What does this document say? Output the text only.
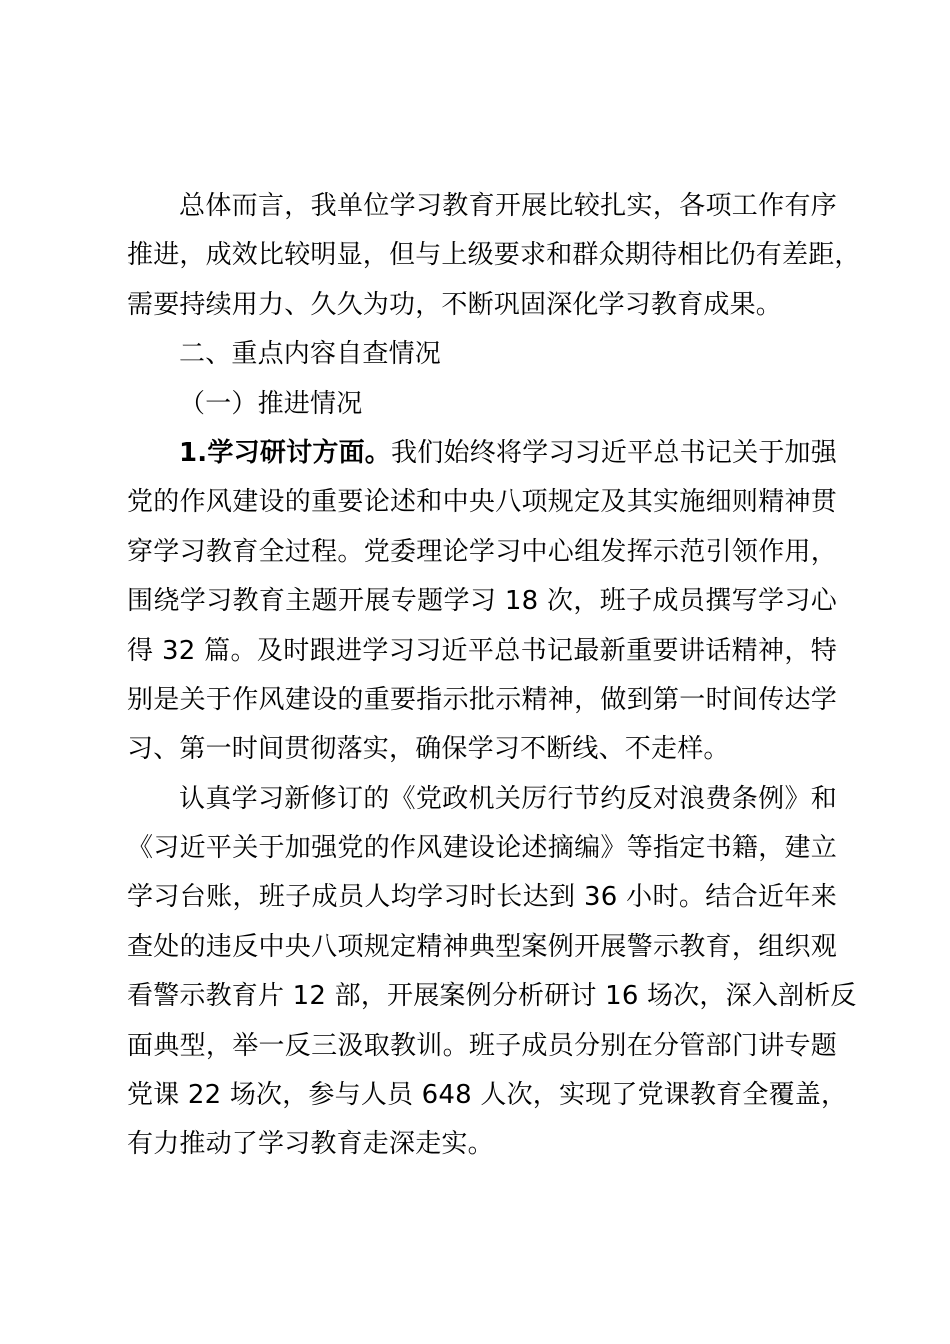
总体而言，我单位学习教育开展比较扎实，各项工作有序
推进，成效比较明显，但与上级要求和群众期待相比仍有差距，
需要持续用力、久久为功，不断巩固深化学习教育成果。
二、重点内容自查情况
（一）推进情况
1.学习研讨方面。我们始终将学习习近平总书记关于加强
党的作风建设的重要论述和中央八项规定及其实施细则精神贯
穿学习教育全过程。党委理论学习中心组发挥示范引领作用，
围绕学习教育主题开展专题学习 18 次，班子成员撰写学习心
得 32 篇。及时跟进学习习近平总书记最新重要讲话精神，特
别是关于作风建设的重要指示批示精神，做到第一时间传达学
习、第一时间贯彻落实，确保学习不断线、不走样。
认真学习新修订的《党政机关厉行节约反对浪费条例》和
《习近平关于加强党的作风建设论述摘编》等指定书籍，建立
学习台账，班子成员人均学习时长达到 36 小时。结合近年来
查处的违反中央八项规定精神典型案例开展警示教育，组织观
看警示教育片 12 部，开展案例分析研讨 16 场次，深入剖析反
面典型，举一反三汲取教训。班子成员分别在分管部门讲专题
党课 22 场次，参与人员 648 人次，实现了党课教育全覆盖，
有力推动了学习教育走深走实。
